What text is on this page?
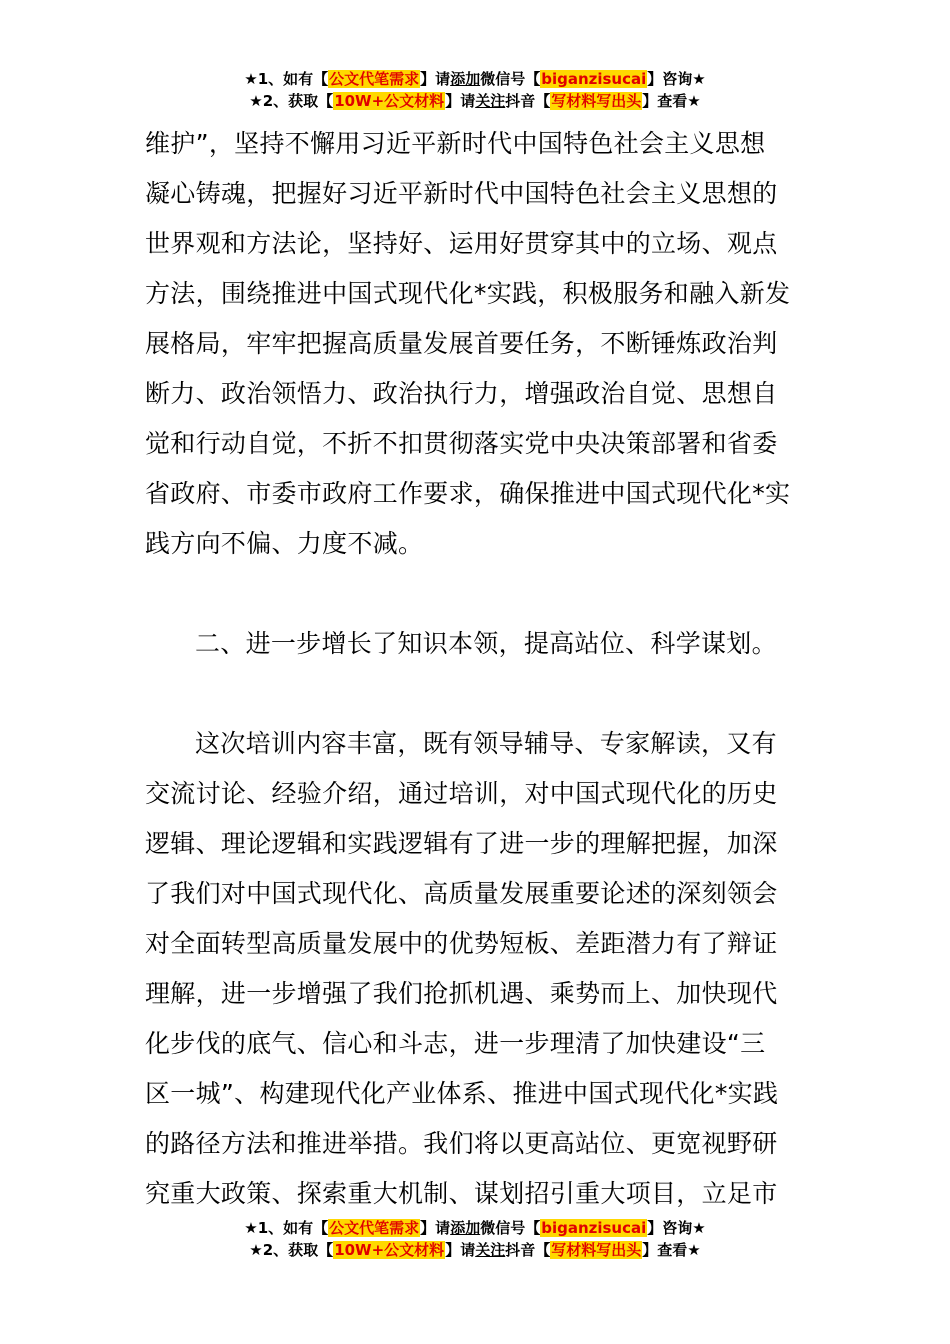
★1、如有【公文代笔需求】请添加微信号【biganzisucai】咨询★
★2、获取【10W+公文材料】请关注抖音【写材料写出头】查看★
维护”，坚持不懈用习近平新时代中国特色社会主义思想
凝心铸魂，把握好习近平新时代中国特色社会主义思想的
世界观和方法论，坚持好、运用好贯穿其中的立场、观点
方法，围绕推进中国式现代化*实践，积极服务和融入新发
展格局，牢牢把握高质量发展首要任务，不断锤炼政治判
断力、政治领悟力、政治执行力，增强政治自觉、思想自
觉和行动自觉，不折不扣贯彻落实党中央决策部署和省委
省政府、市委市政府工作要求，确保推进中国式现代化*实
践方向不偏、力度不减。
二、进一步增长了知识本领，提高站位、科学谋划。
这次培训内容丰富，既有领导辅导、专家解读，又有
交流讨论、经验介绍，通过培训，对中国式现代化的历史
逻辑、理论逻辑和实践逻辑有了进一步的理解把握，加深
了我们对中国式现代化、高质量发展重要论述的深刻领会
对全面转型高质量发展中的优势短板、差距潜力有了辩证
理解，进一步增强了我们抢抓机遇、乘势而上、加快现代
化步伐的底气、信心和斗志，进一步理清了加快建设“三
区一城”、构建现代化产业体系、推进中国式现代化*实践
的路径方法和推进举措。我们将以更高站位、更宽视野研
究重大政策、探索重大机制、谋划招引重大项目，立足市
★1、如有【公文代笔需求】请添加微信号【biganzisucai】咨询★
★2、获取【10W+公文材料】请关注抖音【写材料写出头】查看★
